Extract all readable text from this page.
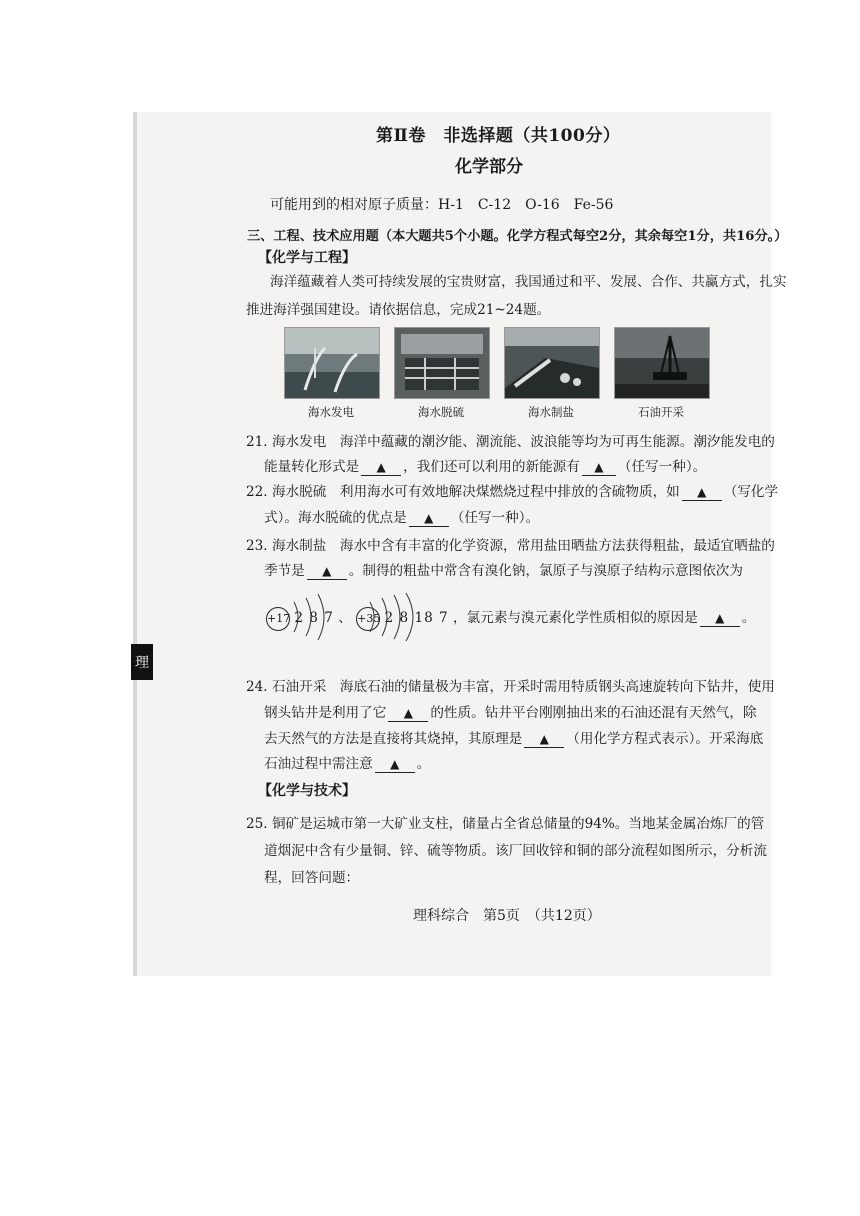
理
第Ⅱ卷　非选择题（共100分）
化学部分
可能用到的相对原子质量：H-1　C-12　O-16　Fe-56
三、工程、技术应用题（本大题共5个小题。化学方程式每空2分，其余每空1分，共16分。）
【化学与工程】
海洋蕴藏着人类可持续发展的宝贵财富，我国通过和平、发展、合作、共赢方式，扎实
推进海洋强国建设。请依据信息，完成21~24题。
海水发电	海水脱硫	海水制盐	石油开采
21. 海水发电　海洋中蕴藏的潮汐能、潮流能、波浪能等均为可再生能源。潮汐能发电的
能量转化形式是 ▲ ，我们还可以利用的新能源有 ▲ （任写一种）。
22. 海水脱硫　利用海水可有效地解决煤燃烧过程中排放的含硫物质，如 ▲ （写化学
式）。海水脱硫的优点是 ▲ （任写一种）。
23. 海水制盐　海水中含有丰富的化学资源，常用盐田晒盐方法获得粗盐，最适宜晒盐的
季节是 ▲ 。制得的粗盐中常含有溴化钠，氯原子与溴原子结构示意图依次为
+17 2 8 7 、 +35 2 8 18 7 ，氯元素与溴元素化学性质相似的原因是 ▲ 。
24. 石油开采　海底石油的储量极为丰富，开采时需用特质钢头高速旋转向下钻井，使用
钢头钻井是利用了它 ▲ 的性质。钻井平台刚刚抽出来的石油还混有天然气，除
去天然气的方法是直接将其烧掉，其原理是 ▲ （用化学方程式表示）。开采海底
石油过程中需注意 ▲ 。
【化学与技术】
25. 铜矿是运城市第一大矿业支柱，储量占全省总储量的94%。当地某金属冶炼厂的管
道烟泥中含有少量铜、锌、硫等物质。该厂回收锌和铜的部分流程如图所示，分析流
程，回答问题：
理科综合　第5页　（共12页）
